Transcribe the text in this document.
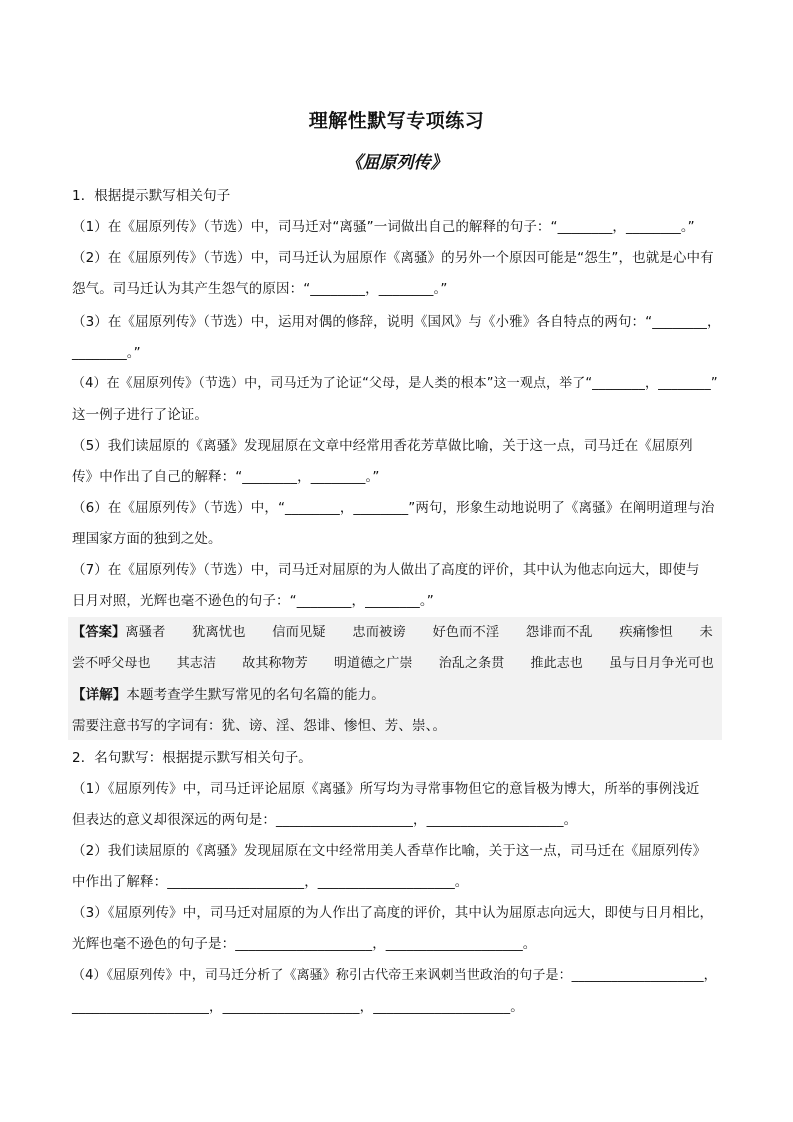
理解性默写专项练习
《屈原列传》
1．根据提示默写相关句子
（1）在《屈原列传》（节选）中，司马迁对“离骚”一词做出自己的解释的句子：“________，________。”
（2）在《屈原列传》（节选）中，司马迁认为屈原作《离骚》的另外一个原因可能是“怨生”，也就是心中有
怨气。司马迁认为其产生怨气的原因：“________，________。”
（3）在《屈原列传》（节选）中，运用对偶的修辞，说明《国风》与《小雅》各自特点的两句：“________，
________。”
（4）在《屈原列传》（节选）中，司马迁为了论证“父母，是人类的根本”这一观点，举了“________，________”
这一例子进行了论证。
（5）我们读屈原的《离骚》发现屈原在文章中经常用香花芳草做比喻，关于这一点，司马迁在《屈原列
传》中作出了自己的解释：“________，________。”
（6）在《屈原列传》（节选）中，“________，________”两句，形象生动地说明了《离骚》在阐明道理与治
理国家方面的独到之处。
（7）在《屈原列传》（节选）中，司马迁对屈原的为人做出了高度的评价，其中认为他志向远大，即使与
日月对照，光辉也毫不逊色的句子：“________，________。”
【答案】离骚者　　犹离忧也　　信而见疑　　忠而被谤　　好色而不淫　　怨诽而不乱　　疾痛惨怛　　未
尝不呼父母也　　其志洁　　故其称物芳　　明道德之广崇　　治乱之条贯　　推此志也　　虽与日月争光可也
【详解】本题考查学生默写常见的名句名篇的能力。
需要注意书写的字词有：犹、谤、淫、怨诽、惨怛、芳、崇、。
2．名句默写：根据提示默写相关句子。
（1）《屈原列传》中，司马迁评论屈原《离骚》所写均为寻常事物但它的意旨极为博大，所举的事例浅近
但表达的意义却很深远的两句是：____________________，____________________。
（2）我们读屈原的《离骚》发现屈原在文中经常用美人香草作比喻，关于这一点，司马迁在《屈原列传》
中作出了解释：____________________，____________________。
（3）《屈原列传》中，司马迁对屈原的为人作出了高度的评价，其中认为屈原志向远大，即使与日月相比，
光辉也毫不逊色的句子是：____________________，____________________。
（4）《屈原列传》中，司马迁分析了《离骚》称引古代帝王来讽刺当世政治的句子是：____________________，
____________________，____________________，____________________。
